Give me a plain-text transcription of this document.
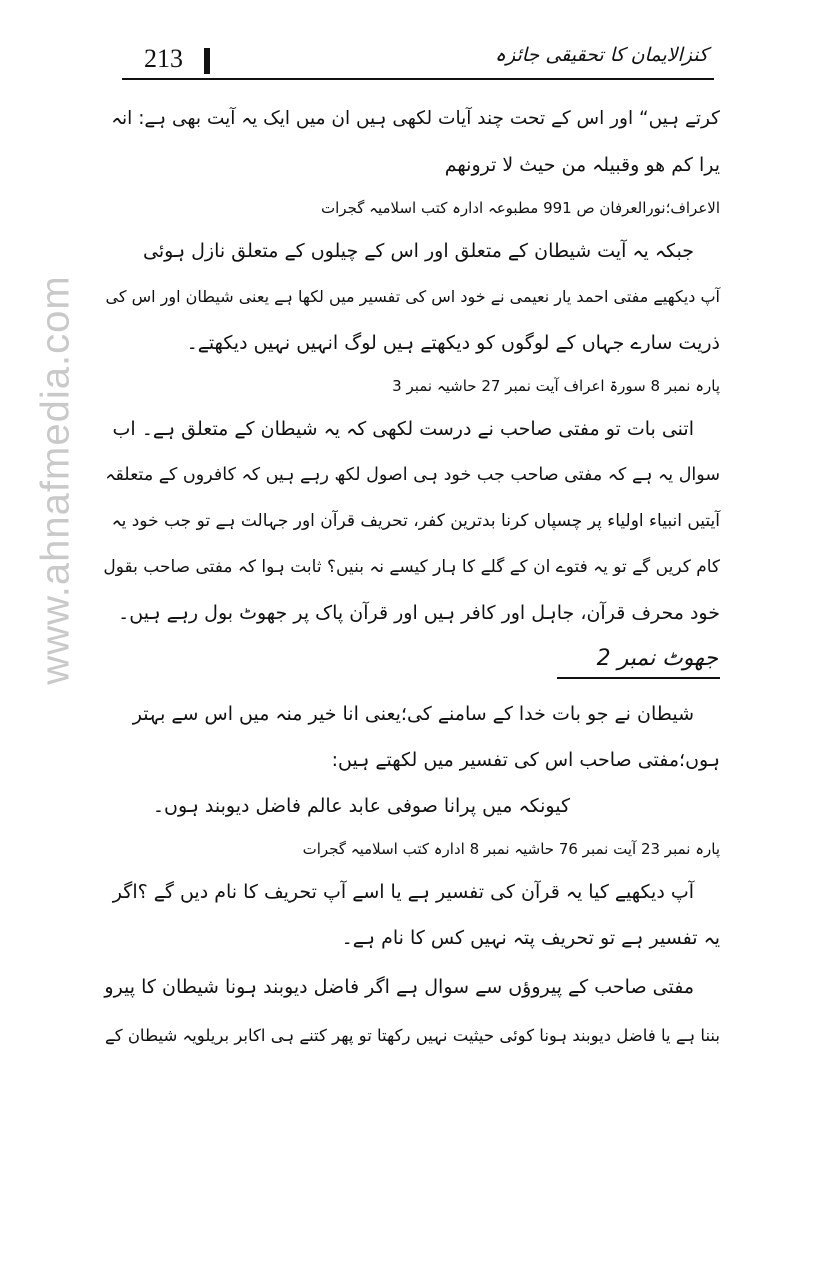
www.ahnafmedia.com
213	کنزالایمان کا تحقیقی جائزہ

کرتے ہیں“ اور اس کے تحت چند آیات لکھی ہیں ان میں ایک یہ آیت بھی ہے: انہ

یرا کم ھو وقبیلہ من حیث لا ترونھم

الاعراف؛نورالعرفان ص 991 مطبوعہ ادارہ کتب اسلامیہ گجرات

جبکہ یہ آیت شیطان کے متعلق اور اس کے چیلوں کے متعلق نازل ہوئی

آپ دیکھیے مفتی احمد یار نعیمی نے خود اس کی تفسیر میں لکھا ہے یعنی شیطان اور اس کی

ذریت سارے جہاں کے لوگوں کو دیکھتے ہیں لوگ انہیں نہیں دیکھتے۔

پارہ نمبر 8 سورۃ اعراف آیت نمبر 27 حاشیہ نمبر 3

اتنی بات تو مفتی صاحب نے درست لکھی کہ یہ شیطان کے متعلق ہے۔ اب

سوال یہ ہے کہ مفتی صاحب جب خود ہی اصول لکھ رہے ہیں کہ کافروں کے متعلقہ

آیتیں انبیاء اولیاء پر چسپاں کرنا بدترین کفر، تحریف قرآن اور جہالت ہے تو جب خود یہ

کام کریں گے تو یہ فتوے ان کے گلے کا ہار کیسے نہ بنیں؟ ثابت ہوا کہ مفتی صاحب بقول

خود محرف قرآن، جاہل اور کافر ہیں اور قرآن پاک پر جھوٹ بول رہے ہیں۔

جھوٹ نمبر 2

شیطان نے جو بات خدا کے سامنے کی؛یعنی انا خیر منہ میں اس سے بہتر

ہوں؛مفتی صاحب اس کی تفسیر میں لکھتے ہیں:

کیونکہ میں پرانا صوفی عابد عالم فاضل دیوبند ہوں۔

پارہ نمبر 23 آیت نمبر 76 حاشیہ نمبر 8 ادارہ کتب اسلامیہ گجرات

آپ دیکھیے کیا یہ قرآن کی تفسیر ہے یا اسے آپ تحریف کا نام دیں گے ؟اگر

یہ تفسیر ہے تو تحریف پتہ نہیں کس کا نام ہے۔

مفتی صاحب کے پیروؤں سے سوال ہے اگر فاضل دیوبند ہونا شیطان کا پیرو

بننا ہے یا فاضل دیوبند ہونا کوئی حیثیت نہیں رکھتا تو پھر کتنے ہی اکابر بریلویہ شیطان کے
